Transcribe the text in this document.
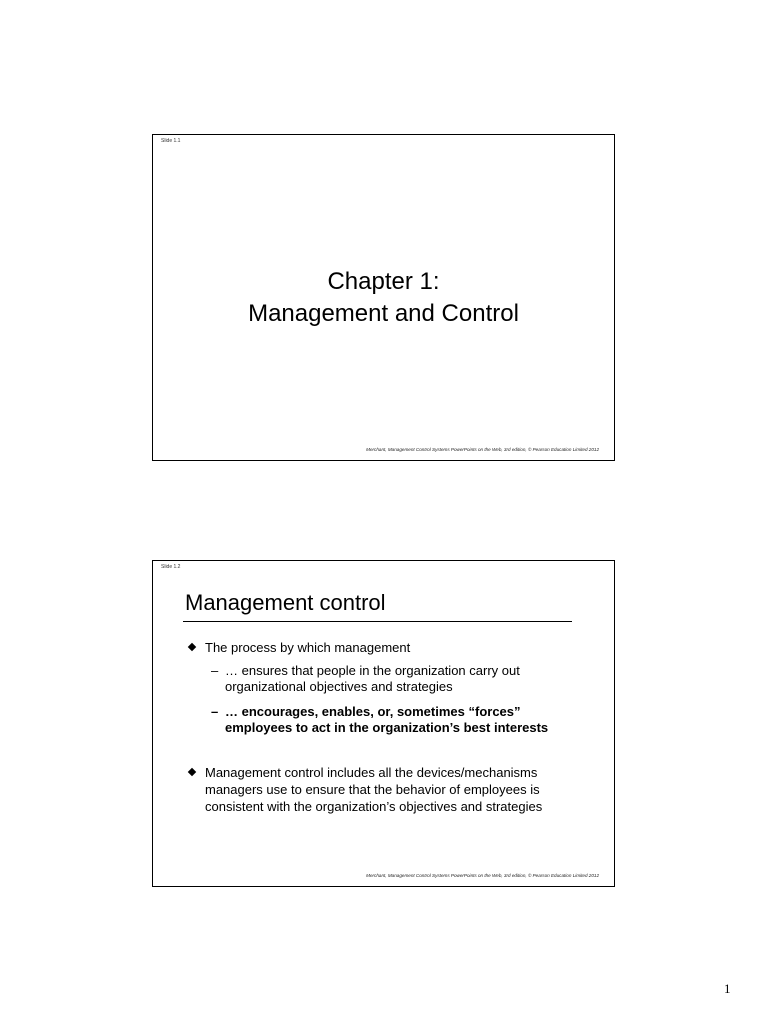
Slide 1.1
Chapter 1:
Management and Control
Merchant, Management Control Systems PowerPoints on the Web, 3rd edition, © Pearson Education Limited 2012
Slide 1.2
Management control
The process by which management
– … ensures that people in the organization carry out organizational objectives and strategies
– … encourages, enables, or, sometimes “forces” employees to act in the organization’s best interests
Management control includes all the devices/mechanisms managers use to ensure that the behavior of employees is consistent with the organization’s objectives and strategies
Merchant, Management Control Systems PowerPoints on the Web, 3rd edition, © Pearson Education Limited 2012
1
